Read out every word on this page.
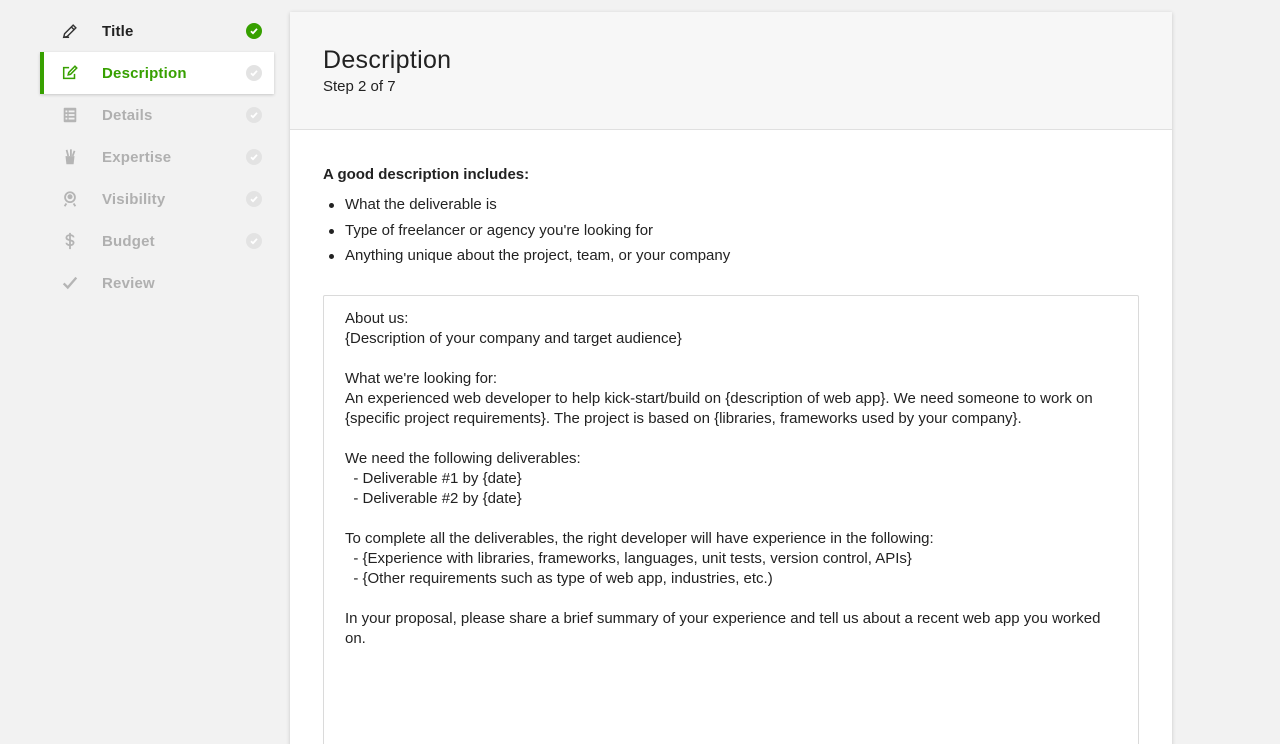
Title
Description
Details
Expertise
Visibility
Budget
Review
Description
Step 2 of 7
A good description includes:
What the deliverable is
Type of freelancer or agency you're looking for
Anything unique about the project, team, or your company
About us:
{Description of your company and target audience}

What we're looking for:
An experienced web developer to help kick-start/build on {description of web app}. We need someone to work on {specific project requirements}. The project is based on {libraries, frameworks used by your company}.

We need the following deliverables:
- Deliverable #1 by {date}
- Deliverable #2 by {date}

To complete all the deliverables, the right developer will have experience in the following:
- {Experience with libraries, frameworks, languages, unit tests, version control, APIs}
- {Other requirements such as type of web app, industries, etc.)

In your proposal, please share a brief summary of your experience and tell us about a recent web app you worked on.
